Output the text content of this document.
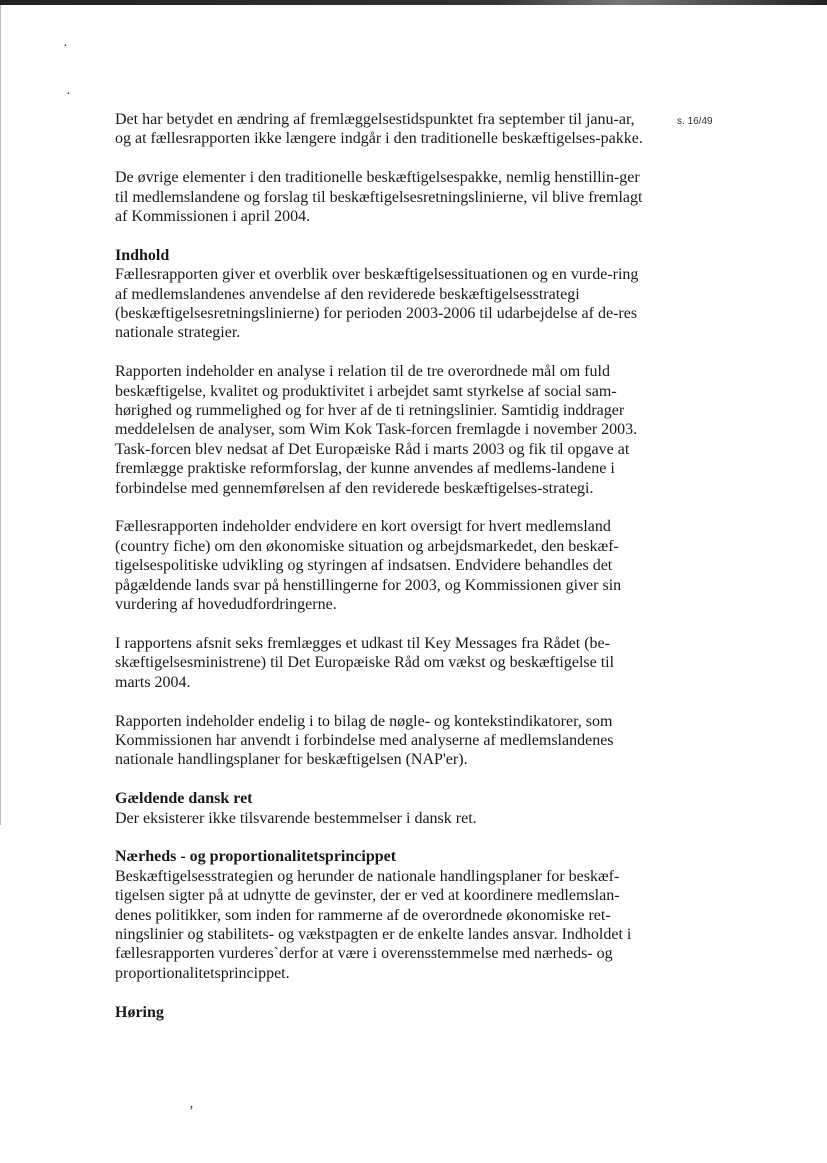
·
·
ʼ
s. 16/49

Det har betydet en ændring af fremlæggelsestidspunktet fra september til janu-ar, og at fællesrapporten ikke længere indgår i den traditionelle beskæftigelses-pakke.

De øvrige elementer i den traditionelle beskæftigelsespakke, nemlig henstillin-ger til medlemslandene og forslag til beskæftigelsesretningslinierne, vil blive fremlagt af Kommissionen i april 2004.

Indhold

Fællesrapporten giver et overblik over beskæftigelsessituationen og en vurde-ring af medlemslandenes anvendelse af den reviderede beskæftigelsesstrategi (beskæftigelsesretningslinierne) for perioden 2003-2006 til udarbejdelse af de-res nationale strategier.

Rapporten indeholder en analyse i relation til de tre overordnede mål om fuld beskæftigelse, kvalitet og produktivitet i arbejdet samt styrkelse af social sam-hørighed og rummelighed og for hver af de ti retningslinier. Samtidig inddrager meddelelsen de analyser, som Wim Kok Task-forcen fremlagde i november 2003. Task-forcen blev nedsat af Det Europæiske Råd i marts 2003 og fik til opgave at fremlægge praktiske reformforslag, der kunne anvendes af medlems-landene i forbindelse med gennemførelsen af den reviderede beskæftigelses-strategi.

Fællesrapporten indeholder endvidere en kort oversigt for hvert medlemsland (country fiche) om den økonomiske situation og arbejdsmarkedet, den beskæf-tigelsespolitiske udvikling og styringen af indsatsen. Endvidere behandles det pågældende lands svar på henstillingerne for 2003, og Kommissionen giver sin vurdering af hovedudfordringerne.

I rapportens afsnit seks fremlægges et udkast til Key Messages fra Rådet (be-skæftigelsesministrene) til Det Europæiske Råd om vækst og beskæftigelse til marts 2004.

Rapporten indeholder endelig i to bilag de nøgle- og kontekstindikatorer, som Kommissionen har anvendt i forbindelse med analyserne af medlemslandenes nationale handlingsplaner for beskæftigelsen (NAP'er).

Gældende dansk ret

Der eksisterer ikke tilsvarende bestemmelser i dansk ret.

Nærheds - og proportionalitetsprincippet

Beskæftigelsesstrategien og herunder de nationale handlingsplaner for beskæf-tigelsen sigter på at udnytte de gevinster, der er ved at koordinere medlemslan-denes politikker, som inden for rammerne af de overordnede økonomiske ret-ningslinier og stabilitets- og vækstpagten er de enkelte landes ansvar. Indholdet i fællesrapporten vurderes`derfor at være i overensstemmelse med nærheds- og proportionalitetsprincippet.

Høring
